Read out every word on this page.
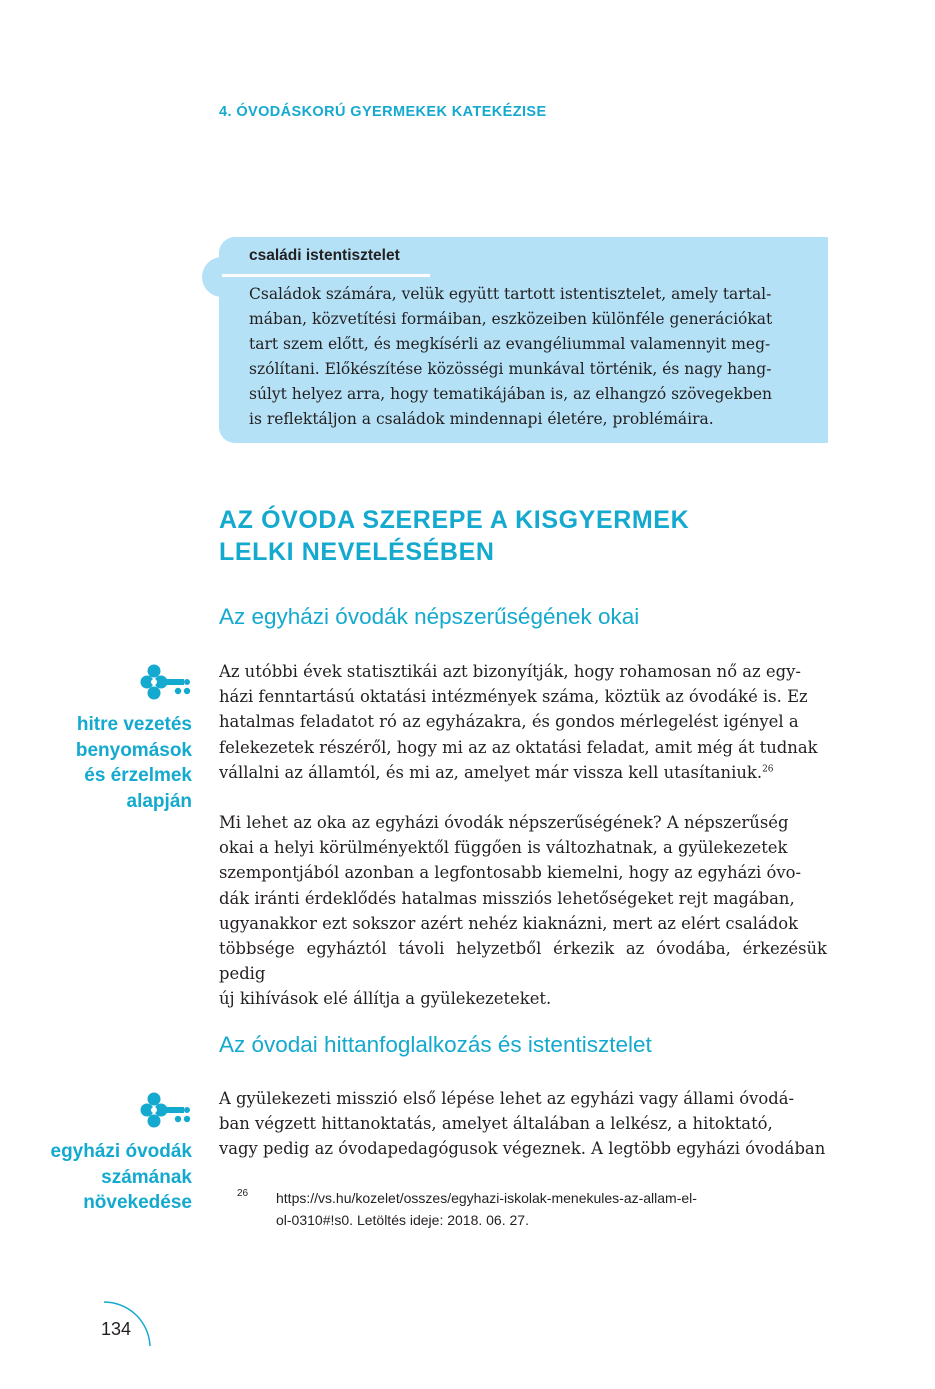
4. ÓVODÁSKORÚ GYERMEKEK KATEKÉZISE
családi istentisztelet
Családok számára, velük együtt tartott istentisztelet, amely tartal-
mában, közvetítési formáiban, eszközeiben különféle generációkat
tart szem előtt, és megkísérli az evangéliummal valamennyit meg-
szólítani. Előkészítése közösségi munkával történik, és nagy hang-
súlyt helyez arra, hogy tematikájában is, az elhangzó szövegekben
is reflektáljon a családok mindennapi életére, problémáira.
AZ ÓVODA SZEREPE A KISGYERMEK
LELKI NEVELÉSÉBEN
Az egyházi óvodák népszerűségének okai
hitre vezetés
benyomások
és érzelmek
alapján
Az utóbbi évek statisztikái azt bizonyítják, hogy rohamosan nő az egy-
házi fenntartású oktatási intézmények száma, köztük az óvodáké is. Ez
hatalmas feladatot ró az egyházakra, és gondos mérlegelést igényel a
felekezetek részéről, hogy mi az az oktatási feladat, amit még át tudnak
vállalni az államtól, és mi az, amelyet már vissza kell utasítaniuk.$^{26}$
Mi lehet az oka az egyházi óvodák népszerűségének? A népszerűség
okai a helyi körülményektől függően is változhatnak, a gyülekezetek
szempontjából azonban a legfontosabb kiemelni, hogy az egyházi óvo-
dák iránti érdeklődés hatalmas missziós lehetőségeket rejt magában,
ugyanakkor ezt sokszor azért nehéz kiaknázni, mert az elért családok
többsége egyháztól távoli helyzetből érkezik az óvodába, érkezésük pedig
új kihívások elé állítja a gyülekezeteket.
Az óvodai hittanfoglalkozás és istentisztelet
egyházi óvodák
számának
növekedése
A gyülekezeti misszió első lépése lehet az egyházi vagy állami óvodá-
ban végzett hittanoktatás, amelyet általában a lelkész, a hitoktató,
vagy pedig az óvodapedagógusok végeznek. A legtöbb egyházi óvodában
26 https://vs.hu/kozelet/osszes/egyhazi-iskolak-menekules-az-allam-el-
ol-0310#!s0. Letöltés ideje: 2018. 06. 27.
134
